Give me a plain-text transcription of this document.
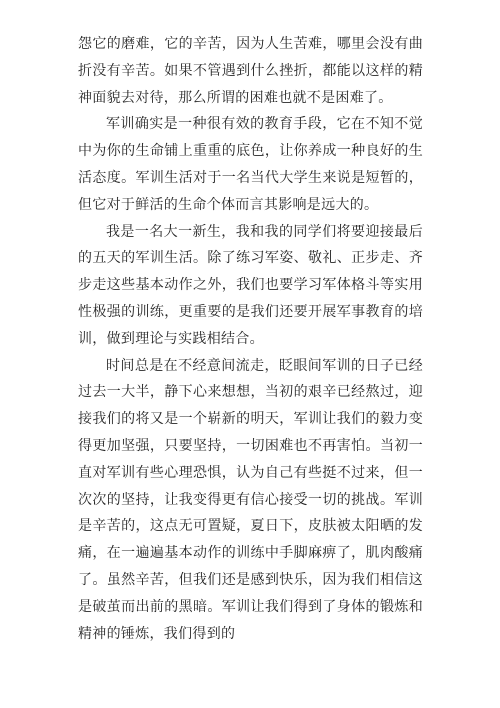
怨它的磨难，它的辛苦，因为人生苦难，哪里会没有曲折没有辛苦。如果不管遇到什么挫折，都能以这样的精神面貌去对待，那么所谓的困难也就不是困难了。

军训确实是一种很有效的教育手段，它在不知不觉中为你的生命铺上重重的底色，让你养成一种良好的生活态度。军训生活对于一名当代大学生来说是短暂的，但它对于鲜活的生命个体而言其影响是远大的。

我是一名大一新生，我和我的同学们将要迎接最后的五天的军训生活。除了练习军姿、敬礼、正步走、齐步走这些基本动作之外，我们也要学习军体格斗等实用性极强的训练，更重要的是我们还要开展军事教育的培训，做到理论与实践相结合。

时间总是在不经意间流走，眨眼间军训的日子已经过去一大半，静下心来想想，当初的艰辛已经熬过，迎接我们的将又是一个崭新的明天，军训让我们的毅力变得更加坚强，只要坚持，一切困难也不再害怕。当初一直对军训有些心理恐惧，认为自己有些挺不过来，但一次次的坚持，让我变得更有信心接受一切的挑战。军训是辛苦的，这点无可置疑，夏日下，皮肤被太阳晒的发痛，在一遍遍基本动作的训练中手脚麻痹了，肌肉酸痛了。虽然辛苦，但我们还是感到快乐，因为我们相信这是破茧而出前的黑暗。军训让我们得到了身体的锻炼和精神的锤炼，我们得到的
